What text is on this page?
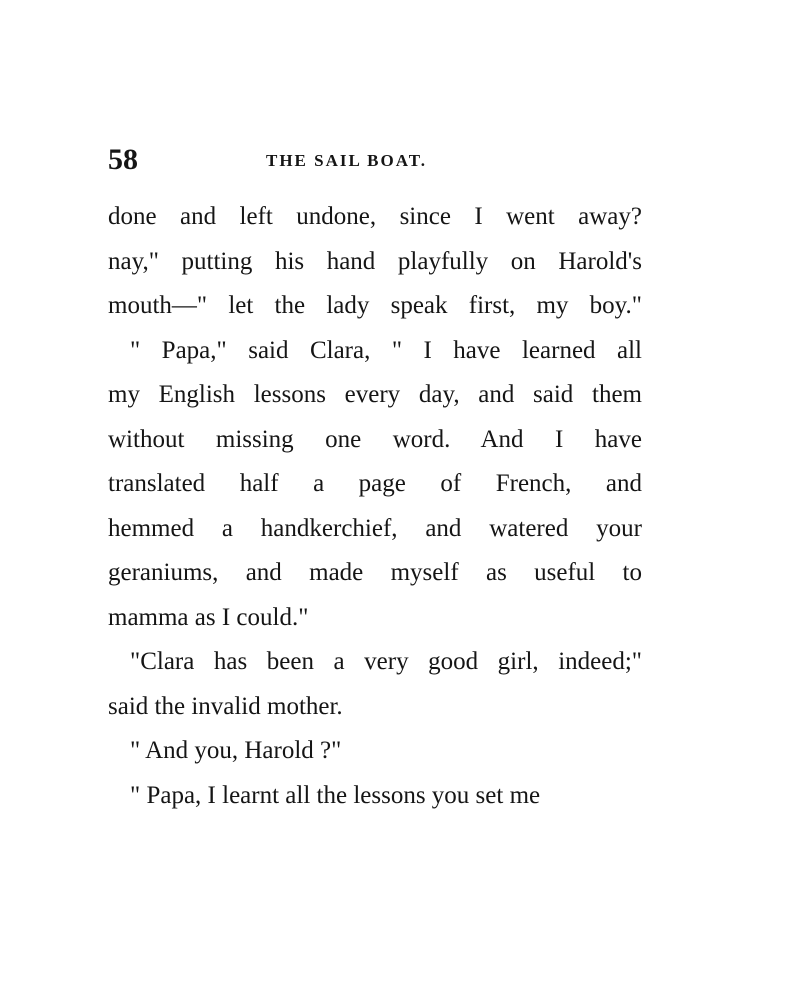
58	THE SAIL BOAT.
done and left undone, since I went away?
nay," putting his hand playfully on Harold's
mouth—" let the lady speak first, my boy."
" Papa," said Clara, " I have learned all
my English lessons every day, and said them
without missing one word. And I have
translated half a page of French, and
hemmed a handkerchief, and watered your
geraniums, and made myself as useful to
mamma as I could."
"Clara has been a very good girl, indeed;"
said the invalid mother.
" And you, Harold ?"
" Papa, I learnt all the lessons you set me
